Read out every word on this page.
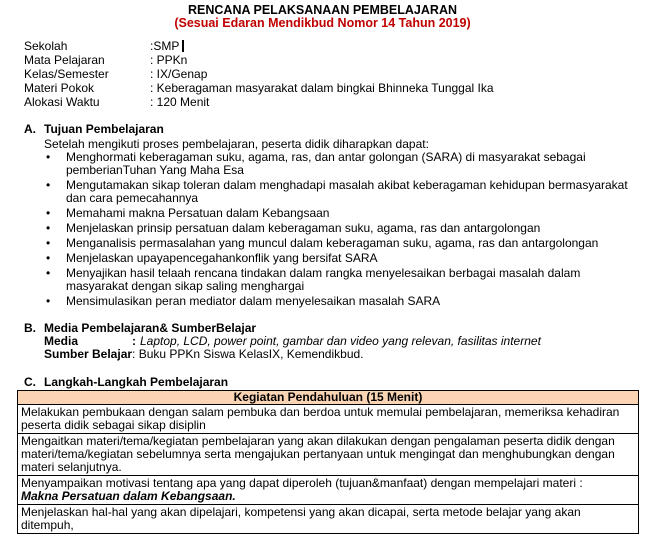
RENCANA PELAKSANAAN PEMBELAJARAN
(Sesuai Edaran Mendikbud Nomor 14 Tahun 2019)
Sekolah	:SMP
Mata Pelajaran	: PPKn
Kelas/Semester	: IX/Genap
Materi Pokok	: Keberagaman masyarakat dalam bingkai Bhinneka Tunggal Ika
Alokasi Waktu	: 120 Menit
A. Tujuan Pembelajaran
Setelah mengikuti proses pembelajaran, peserta didik diharapkan dapat:
• Menghormati keberagaman suku, agama, ras, dan antar golongan (SARA) di masyarakat sebagai pemberianTuhan Yang Maha Esa
• Mengutamakan sikap toleran dalam menghadapi masalah akibat keberagaman kehidupan bermasyarakat dan cara pemecahannya
• Memahami makna Persatuan dalam Kebangsaan
• Menjelaskan prinsip persatuan dalam keberagaman suku, agama, ras dan antargolongan
• Menganalisis permasalahan yang muncul dalam keberagaman suku, agama, ras dan antargolongan
• Menjelaskan upayapencegahankonflik yang bersifat SARA
• Menyajikan hasil telaah rencana tindakan dalam rangka menyelesaikan berbagai masalah dalam masyarakat dengan sikap saling menghargai
• Mensimulasikan peran mediator dalam menyelesaikan masalah SARA
B. Media Pembelajaran& SumberBelajar
Media	: Laptop, LCD, power point, gambar dan video yang relevan, fasilitas internet
Sumber Belajar: Buku PPKn Siswa KelasIX, Kemendikbud.
C. Langkah-Langkah Pembelajaran
Kegiatan Pendahuluan (15 Menit)
Melakukan pembukaan dengan salam pembuka dan berdoa untuk memulai pembelajaran, memeriksa kehadiran peserta didik sebagai sikap disiplin
Mengaitkan materi/tema/kegiatan pembelajaran yang akan dilakukan dengan pengalaman peserta didik dengan materi/tema/kegiatan sebelumnya serta mengajukan pertanyaan untuk mengingat dan menghubungkan dengan materi selanjutnya.
Menyampaikan motivasi tentang apa yang dapat diperoleh (tujuan&manfaat) dengan mempelajari materi :
Makna Persatuan dalam Kebangsaan.
Menjelaskan hal-hal yang akan dipelajari, kompetensi yang akan dicapai, serta metode belajar yang akan ditempuh,
